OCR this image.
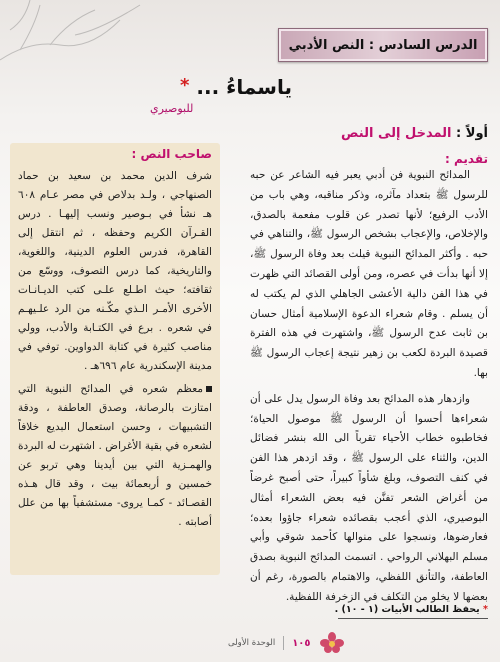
الدرس السادس : النص الأدبي
ياسماءُ ... *
للبوصيري
أولاً : المدخل إلى النص
تقديم :

المدائح النبوية فن أدبي يعبر فيه الشاعر عن حبه للرسول ﷺ بتعداد مآثره، وذكر مناقبه، وهي باب من الأدب الرفيع؛ لأنها تصدر عن قلوب مفعمة بالصدق، والإخلاص، والإعجاب بشخص الرسول ﷺ، والتناهي في حبه . وأكثر المدائح النبوية قيلت بعد وفاة الرسول ﷺ، إلا أنها بدأت في عصره، ومن أولى القصائد التي ظهرت في هذا الفن دالية الأعشى الجاهلي الذي لم يكتب له أن يسلم . وقام شعراء الدعوة الإسلامية أمثال حسان بن ثابت عدح الرسول ﷺ، واشتهرت في هذه الفترة قصيدة البردة لكعب بن زهير نتيجة إعجاب الرسول ﷺ بها.

وازدهار هذه المدائح بعد وفاة الرسول يدل على أن شعراءها أحسوا أن الرسول ﷺ موصول الحياة؛ فخاطبوه خطاب الأحياء تقرباً الى الله بنشر فضائل الدين، والثناء على الرسول ﷺ ، وقد ازدهر هذا الفن في كنف التصوف، وبلغ شأواً كبيراً، حتى أصبح غرضاً من أغراض الشعر تفنَّن فيه بعض الشعراء أمثال البوصيري، الذي أعجب بقصائده شعراء جاؤوا بعده؛ فعارضوها، ونسجوا على منوالها كأحمد شوقي وأبي مسلم البهلاني الرواحي . اتسمت المدائح النبوية بصدق العاطفة، والتأنق اللفظي، والاهتمام بالصورة، رغم أن بعضها لا يخلو من التكلف في الزخرفة اللفظية.

صاحب النص :

شرف الدين محمد بن سعيد بن حماد الصنهاجي ، ولـد بدلاص في مصر عـام ٦٠٨ هـ نشأ في بـوصير ونسب إليهـا . درس القـرآن الكريم وحفظه ، ثم انتقل إلى القاهرة، فدرس العلوم الدينية، واللغوية، والتاريخية، كما درس التصوف، ووسّع من ثقافته؛ حيث اطـلع علـى كتب الديـانـات الأخرى الأمـر الـذي مكّـنه من الرد علـيهـم في شعره . برع في الكتـابة والأدب، وولي مناصب كثيرة في كتابة الدواوين. توفي في مدينة الإسكندرية عام ٦٩٦هـ .

معظم شعره في المدائح النبوية التي امتازت بالرصانة، وصدق العاطفة ، ودقة التشبيهات ، وحسن استعمال البديع خلافاً لشعره في بقية الأغراض . اشتهرت له البردة والهمـزية التي بين أيدينا وهي تربو عن خمسين و أربعمائة بيت ، وقد قال هـذه القصـائد - كمـا يروى- مستشفياً بها من علل أصابته .

* يحفظ الطالب الأبيات (١ - ١٠) .
١٠٥
الوحدة الأولى
